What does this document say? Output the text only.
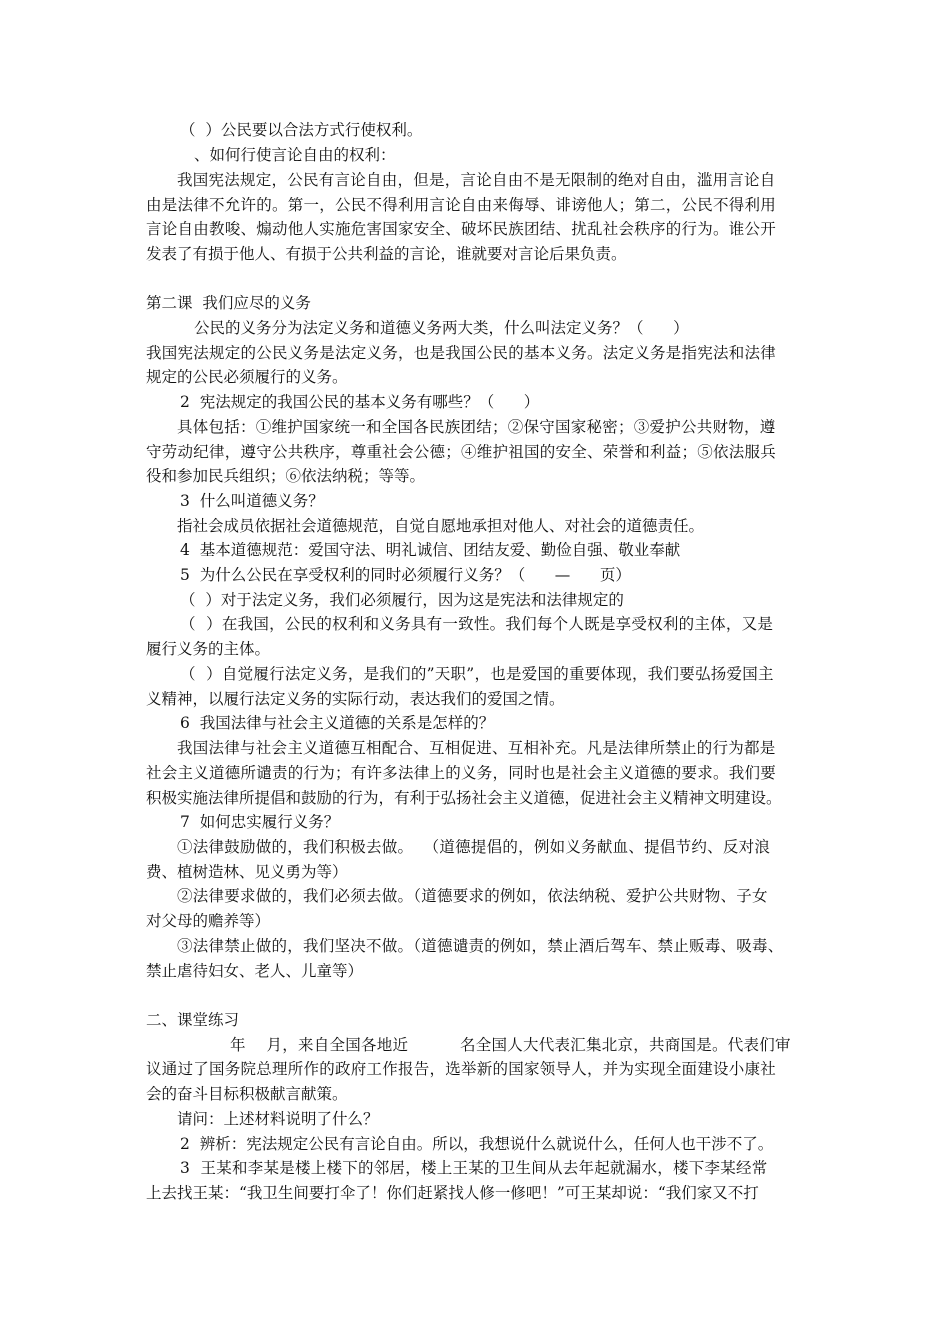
（  ）公民要以合法方式行使权利。
、如何行使言论自由的权利：
我国宪法规定，公民有言论自由，但是，言论自由不是无限制的绝对自由，滥用言论自
由是法律不允许的。第一，公民不得利用言论自由来侮辱、诽谤他人；第二，公民不得利用
言论自由教唆、煽动他人实施危害国家安全、破坏民族团结、扰乱社会秩序的行为。谁公开
发表了有损于他人、有损于公共利益的言论，谁就要对言论后果负责。
第二课  我们应尽的义务
公民的义务分为法定义务和道德义务两大类，什么叫法定义务？（      ）
我国宪法规定的公民义务是法定义务，也是我国公民的基本义务。法定义务是指宪法和法律
规定的公民必须履行的义务。
2  宪法规定的我国公民的基本义务有哪些？（      ）
具体包括：①维护国家统一和全国各民族团结；②保守国家秘密；③爱护公共财物，遵
守劳动纪律，遵守公共秩序，尊重社会公德；④维护祖国的安全、荣誉和利益；⑤依法服兵
役和参加民兵组织；⑥依法纳税；等等。
3  什么叫道德义务？
指社会成员依据社会道德规范，自觉自愿地承担对他人、对社会的道德责任。
4  基本道德规范：爱国守法、明礼诚信、团结友爱、勤俭自强、敬业奉献
5  为什么公民在享受权利的同时必须履行义务？（      —      页）
（  ）对于法定义务，我们必须履行，因为这是宪法和法律规定的
（  ）在我国，公民的权利和义务具有一致性。我们每个人既是享受权利的主体，又是
履行义务的主体。
（  ）自觉履行法定义务，是我们的”天职”，也是爱国的重要体现，我们要弘扬爱国主
义精神，以履行法定义务的实际行动，表达我们的爱国之情。
6  我国法律与社会主义道德的关系是怎样的？
我国法律与社会主义道德互相配合、互相促进、互相补充。凡是法律所禁止的行为都是
社会主义道德所谴责的行为；有许多法律上的义务，同时也是社会主义道德的要求。我们要
积极实施法律所提倡和鼓励的行为，有利于弘扬社会主义道德，促进社会主义精神文明建设。
7  如何忠实履行义务？
①法律鼓励做的，我们积极去做。  （道德提倡的，例如义务献血、提倡节约、反对浪
费、植树造林、见义勇为等）
②法律要求做的，我们必须去做。（道德要求的例如，依法纳税、爱护公共财物、子女
对父母的赡养等）
③法律禁止做的，我们坚决不做。（道德谴责的例如，禁止酒后驾车、禁止贩毒、吸毒、
禁止虐待妇女、老人、儿童等）
二、课堂练习
年    月，来自全国各地近          名全国人大代表汇集北京，共商国是。代表们审
议通过了国务院总理所作的政府工作报告，选举新的国家领导人，并为实现全面建设小康社
会的奋斗目标积极献言献策。
请问：上述材料说明了什么？
2  辨析：宪法规定公民有言论自由。所以，我想说什么就说什么，任何人也干涉不了。
3  王某和李某是楼上楼下的邻居，楼上王某的卫生间从去年起就漏水，楼下李某经常
上去找王某：“我卫生间要打伞了！你们赶紧找人修一修吧！”可王某却说：“我们家又不打
